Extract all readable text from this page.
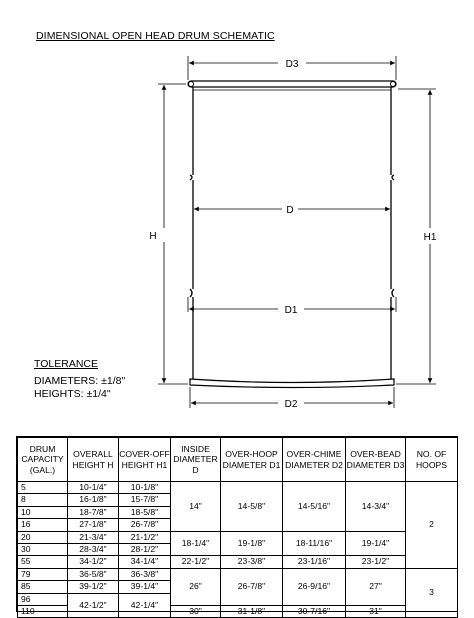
DIMENSIONAL OPEN HEAD DRUM SCHEMATIC
D3
D
D1
D2
H	H1
TOLERANCE
DIAMETERS: ±1/8"
HEIGHTS: ±1/4"
DRUM CAPACITY (GAL.)	OVERALL HEIGHT H	COVER-OFF HEIGHT H1	INSIDE DIAMETER D	OVER-HOOP DIAMETER D1	OVER-CHIME DIAMETER D2	OVER-BEAD DIAMETER D3	NO. OF HOOPS
5	10-1/4"	10-1/8"	14"	14-5/8"	14-5/16"	14-3/4"	2
8	16-1/8"	15-7/8"					
10	18-7/8"	18-5/8"					
16	27-1/8"	26-7/8"					
20	21-3/4"	21-1/2"	18-1/4"	19-1/8"	18-11/16"	19-1/4"	
30	28-3/4"	28-1/2"					
55	34-1/2"	34-1/4"	22-1/2"	23-3/8"	23-1/16"	23-1/2"	
79	36-5/8"	36-3/8"	26"	26-7/8"	26-9/16"	27"	3
85	39-1/2"	39-1/4"					
96	42-1/2"	42-1/4"					
110			30"	31-1/8"	30-7/16"	31"	
